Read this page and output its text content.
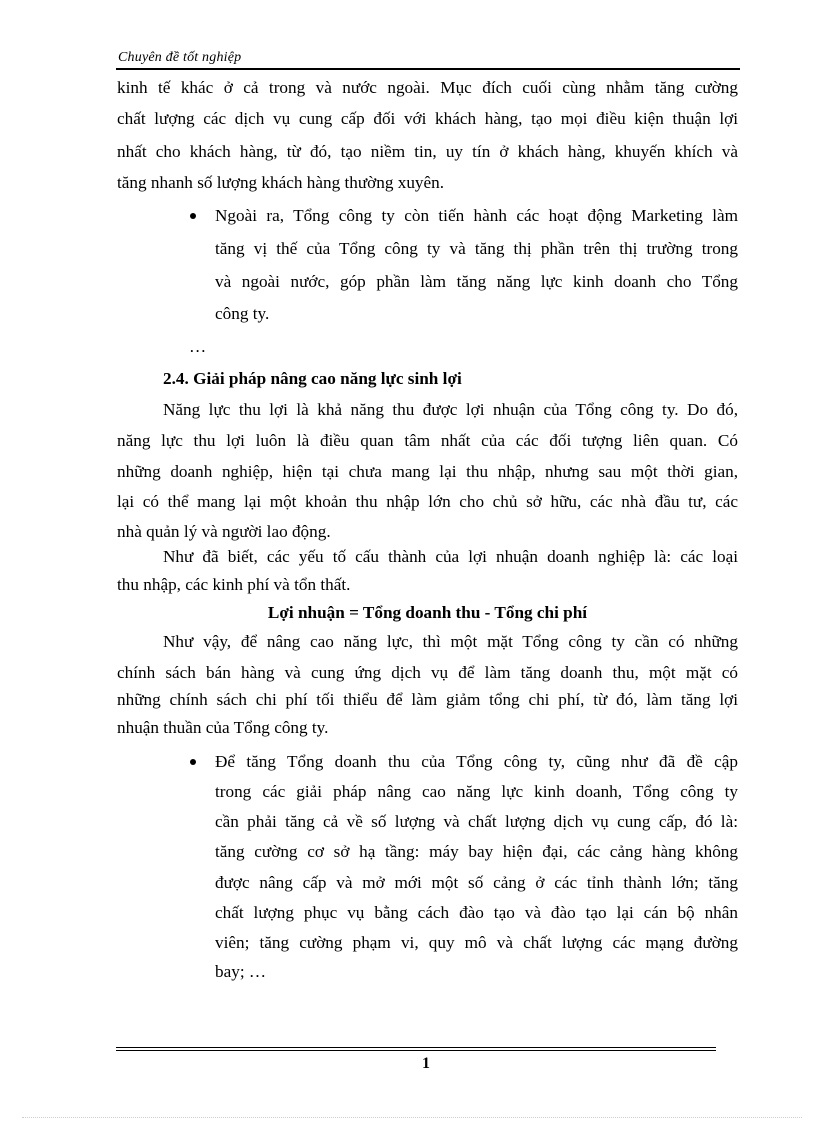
Chuyên đề tốt nghiệp
kinh tế khác ở cả trong và nước ngoài. Mục đích cuối cùng nhằm tăng cường
chất lượng các dịch vụ cung cấp đối với khách hàng, tạo mọi điều kiện thuận lợi
nhất cho khách hàng, từ đó, tạo niềm tin, uy tín ở khách hàng, khuyến khích và
tăng nhanh số lượng khách hàng thường xuyên.
Ngoài ra, Tổng công ty còn tiến hành các hoạt động Marketing làm
tăng vị thế của Tổng công ty và tăng thị phần trên thị trường trong
và ngoài nước, góp phần làm tăng năng lực kinh doanh cho Tổng
công ty.
…
2.4. Giải pháp nâng cao năng lực sinh lợi
Năng lực thu lợi là khả năng thu được lợi nhuận của Tổng công ty. Do đó,
năng lực thu lợi luôn là điều quan tâm nhất của các đối tượng liên quan. Có
những doanh nghiệp, hiện tại chưa mang lại thu nhập, nhưng sau một thời gian,
lại có thể mang lại một khoản thu nhập lớn cho chủ sở hữu, các nhà đầu tư, các
nhà quản lý và người lao động.
Như đã biết, các yếu tố cấu thành của lợi nhuận doanh nghiệp là: các loại
thu nhập, các kinh phí và tổn thất.
Lợi nhuận = Tổng doanh thu - Tổng chi phí
Như vậy, để nâng cao năng lực, thì một mặt Tổng công ty cần có những
chính sách bán hàng và cung ứng dịch vụ để làm tăng doanh thu, một mặt có
những chính sách chi phí tối thiểu để làm giảm tổng chi phí, từ đó, làm tăng lợi
nhuận thuần của Tổng công ty.
Để tăng Tổng doanh thu của Tổng công ty, cũng như đã đề cập
trong các giải pháp nâng cao năng lực kinh doanh, Tổng công ty
cần phải tăng cả về số lượng và chất lượng dịch vụ cung cấp, đó là:
tăng cường cơ sở hạ tầng: máy bay hiện đại, các cảng hàng không
được nâng cấp và mở mới một số cảng ở các tỉnh thành lớn; tăng
chất lượng phục vụ bằng cách đào tạo và đào tạo lại cán bộ nhân
viên; tăng cường phạm vi, quy mô và chất lượng các mạng đường
bay; …
1
